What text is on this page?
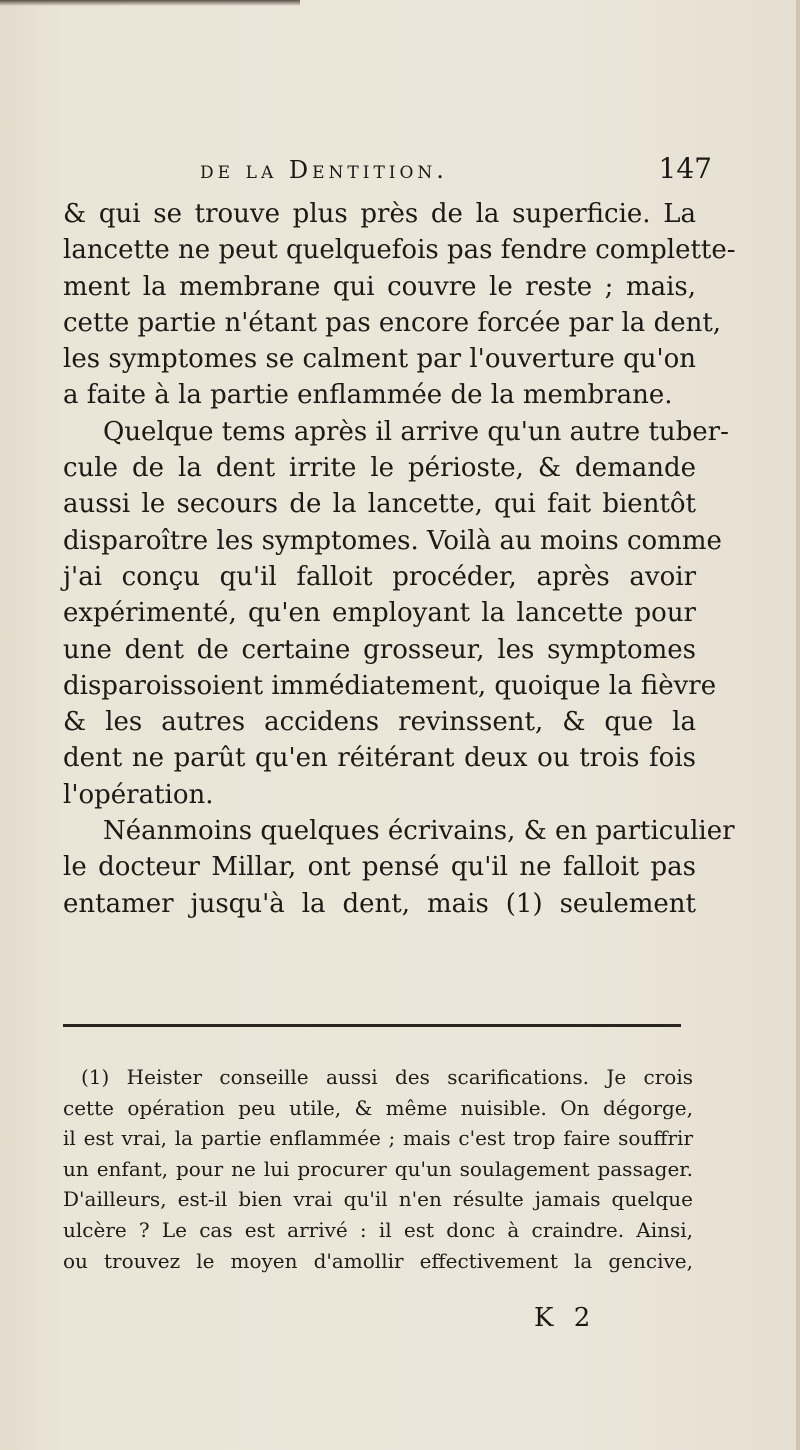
de la Dentition.	147
& qui se trouve plus près de la superficie. La
lancette ne peut quelquefois pas fendre complette-
ment la membrane qui couvre le reste ; mais,
cette partie n'étant pas encore forcée par la dent,
les symptomes se calment par l'ouverture qu'on
a faite à la partie enflammée de la membrane.
Quelque tems après il arrive qu'un autre tuber-
cule de la dent irrite le périoste, & demande
aussi le secours de la lancette, qui fait bientôt
disparoître les symptomes. Voilà au moins comme
j'ai conçu qu'il falloit procéder, après avoir
expérimenté, qu'en employant la lancette pour
une dent de certaine grosseur, les symptomes
disparoissoient immédiatement, quoique la fièvre
& les autres accidens revinssent, & que la
dent ne parût qu'en réitérant deux ou trois fois
l'opération.
Néanmoins quelques écrivains, & en particulier
le docteur Millar, ont pensé qu'il ne falloit pas
entamer jusqu'à la dent, mais (1) seulement
(1) Heister conseille aussi des scarifications. Je crois
cette opération peu utile, & même nuisible. On dégorge,
il est vrai, la partie enflammée ; mais c'est trop faire souffrir
un enfant, pour ne lui procurer qu'un soulagement passager.
D'ailleurs, est-il bien vrai qu'il n'en résulte jamais quelque
ulcère ? Le cas est arrivé : il est donc à craindre. Ainsi,
ou trouvez le moyen d'amollir effectivement la gencive,
K 2
